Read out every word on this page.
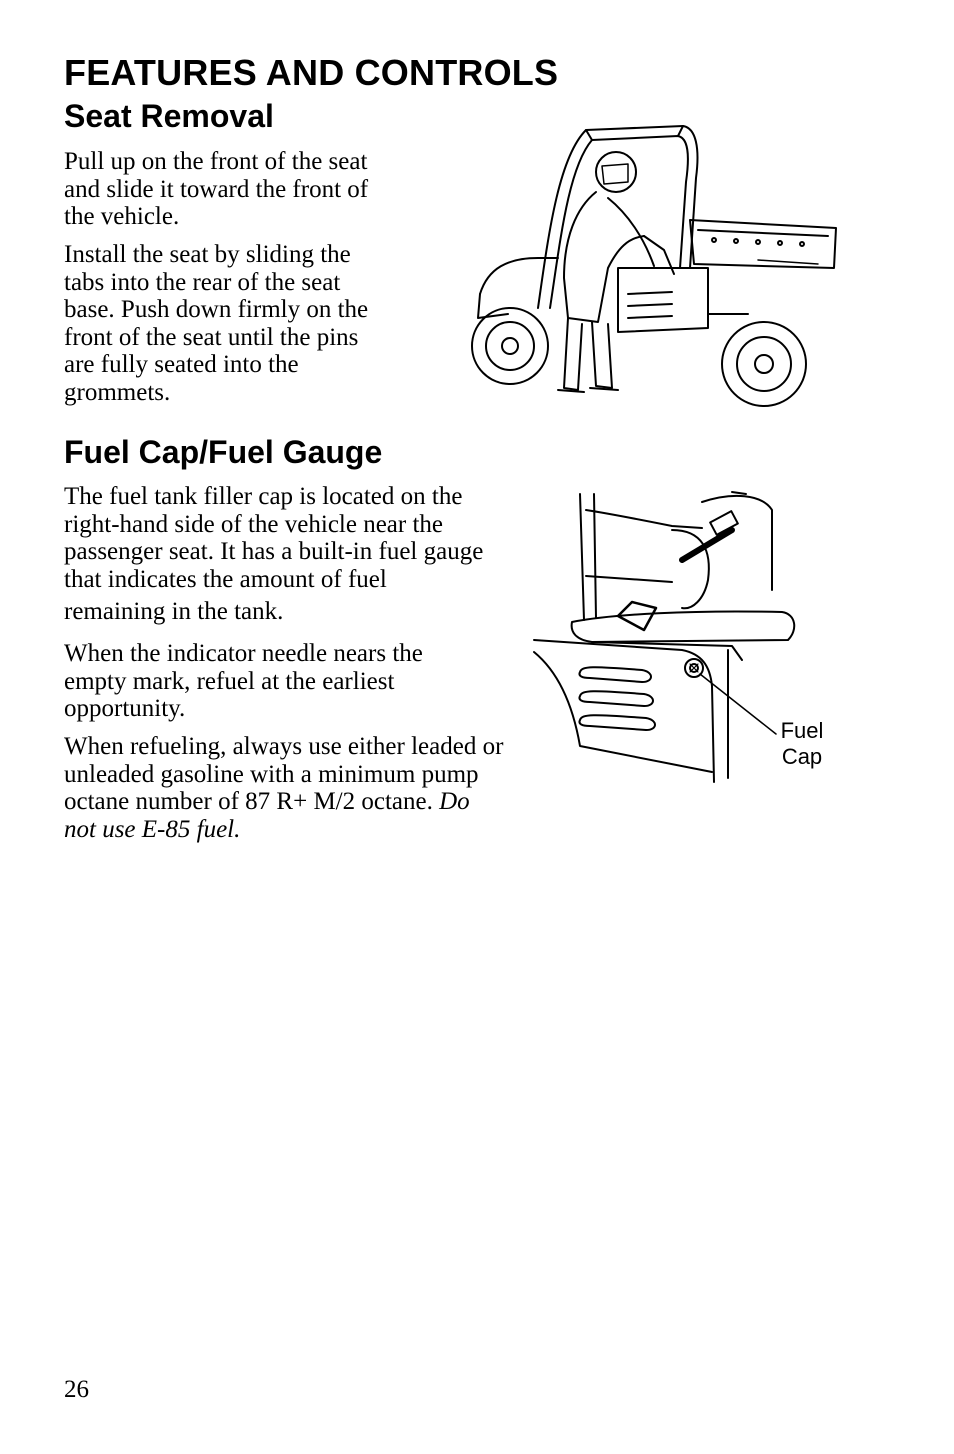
FEATURES AND CONTROLS
Seat Removal

Pull up on the front of the seat and slide it toward the front of the vehicle.

Install the seat by sliding the tabs into the rear of the seat base. Push down firmly on the front of the seat until the pins are fully seated into the grommets.

Fuel Cap/Fuel Gauge

The fuel tank filler cap is located on the right-hand side of the vehicle near the passenger seat. It has a built-in fuel gauge that indicates the amount of fuel
remaining in the tank.

When the indicator needle nears the empty mark, refuel at the earliest opportunity.

When refueling, always use either leaded or unleaded gasoline with a minimum pump octane number of 87 R+ M/2 octane. Do not use E-85 fuel.

Fuel
Cap

26
